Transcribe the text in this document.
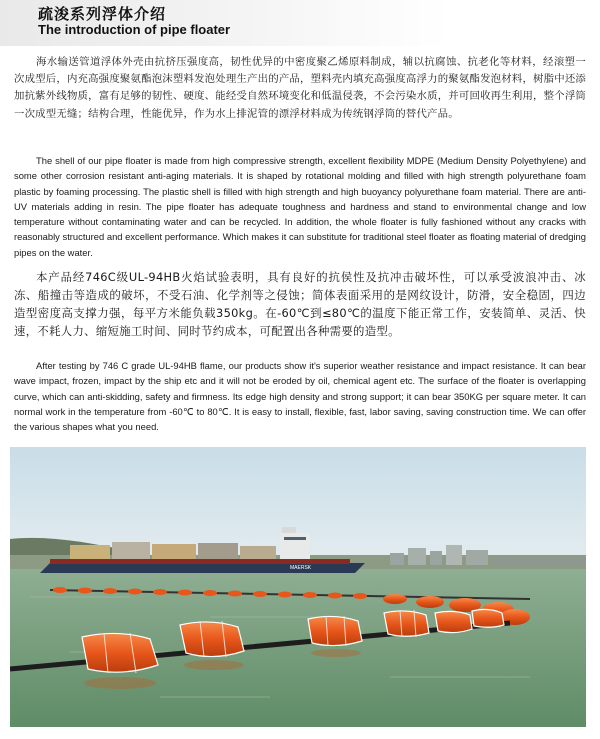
疏浚系列浮体介绍
The introduction of pipe floater

海水输送管道浮体外壳由抗挤压强度高，韧性优异的中密度聚乙烯原料制成，辅以抗腐蚀、抗老化等材料，经滚塑一次成型后，内充高强度聚氨酯泡沫塑料发泡处理生产出的产品，塑料壳内填充高强度高浮力的聚氨酯发泡材料，树脂中还添加抗紫外线物质，富有足够的韧性、硬度、能经受自然环境变化和低温侵袭，不会污染水质，并可回收再生利用，整个浮筒一次成型无缝；结构合理，性能优异，作为水上排泥管的漂浮材料成为传统钢浮筒的替代产品。

The shell of our pipe floater is made from high compressive strength, excellent flexibility MDPE (Medium Density Polyethylene) and some other corrosion resistant anti-aging materials. It is shaped by rotational molding and filled with high strength polyurethane foam plastic by foaming processing. The plastic shell is filled with high strength and high buoyancy polyurethane foam material. There are anti-UV materials adding in resin. The pipe floater has adequate toughness and hardness and stand to environmental change and low temperature without contaminating water and can be recycled. In addition, the whole floater is fully fashioned without any cracks with reasonably structured and excellent performance. Which makes it can substitute for traditional steel floater as floating material of dredging pipes on the water.

本产品经746C级UL-94HB火焰试验表明，具有良好的抗侯性及抗冲击破坏性，可以承受波浪冲击、冰冻、船撞击等造成的破坏，不受石油、化学剂等之侵蚀；简体表面采用的是网纹设计，防滑，安全稳固，四边造型密度高支撑力强，每平方米能负载350kg。在-60℃到≤80℃的温度下能正常工作，安装简单、灵活、快速，不耗人力、缩短施工时间、同时节约成本，可配置出各种需要的造型。

After testing by 746 C grade UL-94HB flame, our products show it's superior weather resistance and impact resistance. It can bear wave impact, frozen, impact by the ship etc and it will not be eroded by oil, chemical agent etc. The surface of the floater is overlapping curve, which can anti-skidding, safety and firmness. Its edge high density and strong support; it can bear 350KG per square meter. It can normal work in the temperature from -60℃ to 80℃. It is easy to install, flexible, fast, labor saving, saving construction time. We can offer the various shapes what you need.

MAERSK
